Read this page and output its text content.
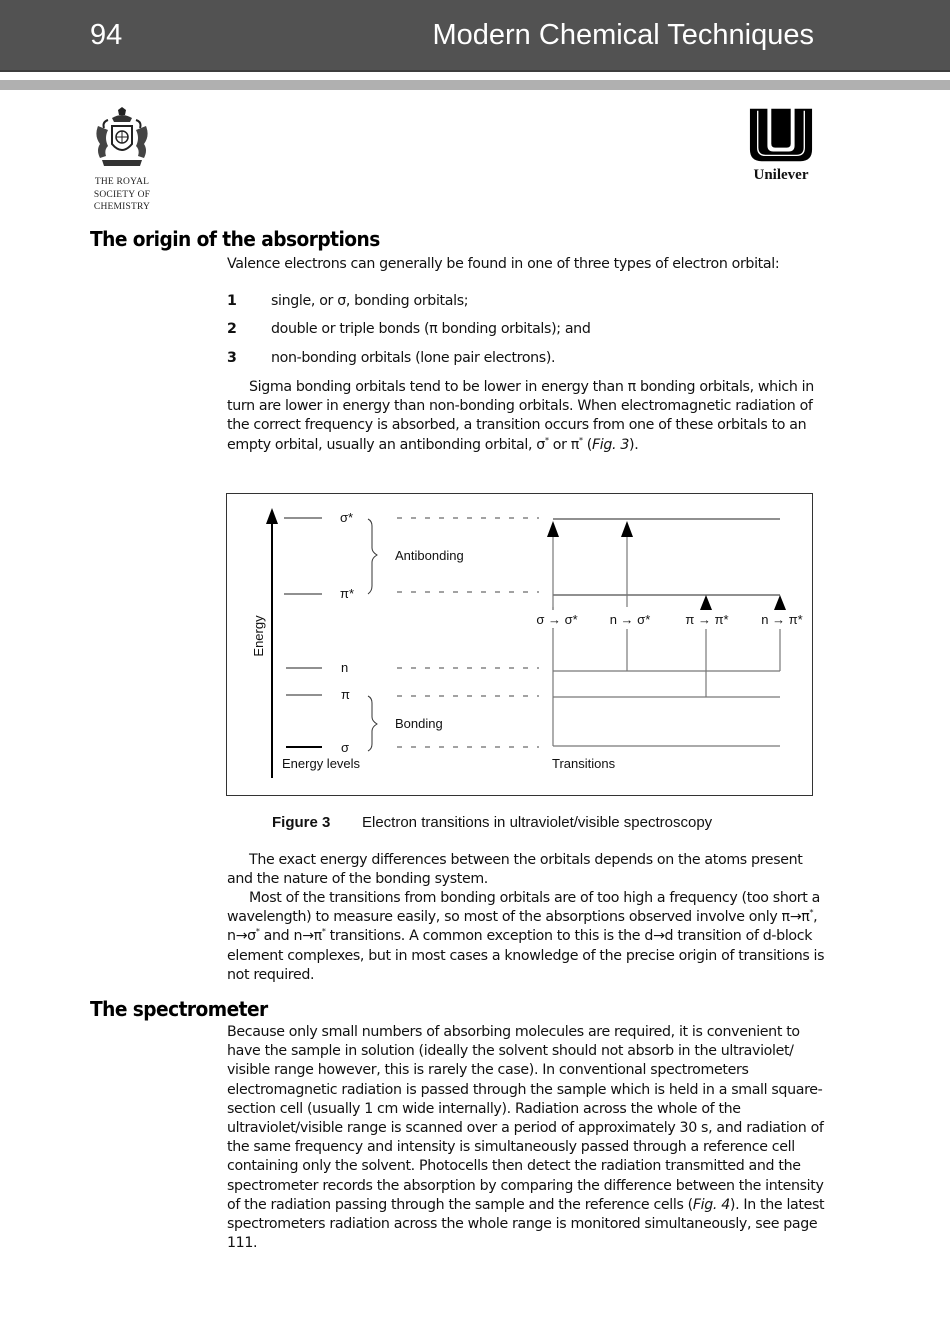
94	Modern Chemical Techniques
THE ROYAL
SOCIETY OF
CHEMISTRY
Unilever
The origin of the absorptions
Valence electrons can generally be found in one of three types of electron orbital:
1 single, or σ, bonding orbitals;
2 double or triple bonds (π bonding orbitals); and
3 non-bonding orbitals (lone pair electrons).
Sigma bonding orbitals tend to be lower in energy than π bonding orbitals, which in turn are lower in energy than non-bonding orbitals. When electromagnetic radiation of the correct frequency is absorbed, a transition occurs from one of these orbitals to an empty orbital, usually an antibonding orbital, σ* or π* (Fig. 3).
Energy
σ*
π*
n
π
σ
Antibonding
Bonding
σ → σ* n → σ*	π → π*	n → π*
Energy levels	Transitions
Figure 3 Electron transitions in ultraviolet/visible spectroscopy
The exact energy differences between the orbitals depends on the atoms present and the nature of the bonding system.
Most of the transitions from bonding orbitals are of too high a frequency (too short a wavelength) to measure easily, so most of the absorptions observed involve only π→π*, n→σ* and n→π* transitions. A common exception to this is the d→d transition of d-block element complexes, but in most cases a knowledge of the precise origin of transitions is not required.
The spectrometer
Because only small numbers of absorbing molecules are required, it is convenient to have the sample in solution (ideally the solvent should not absorb in the ultraviolet/ visible range however, this is rarely the case). In conventional spectrometers electromagnetic radiation is passed through the sample which is held in a small square-section cell (usually 1 cm wide internally). Radiation across the whole of the ultraviolet/visible range is scanned over a period of approximately 30 s, and radiation of the same frequency and intensity is simultaneously passed through a reference cell containing only the solvent. Photocells then detect the radiation transmitted and the spectrometer records the absorption by comparing the difference between the intensity of the radiation passing through the sample and the reference cells (Fig. 4). In the latest spectrometers radiation across the whole range is monitored simultaneously, see page 111.
